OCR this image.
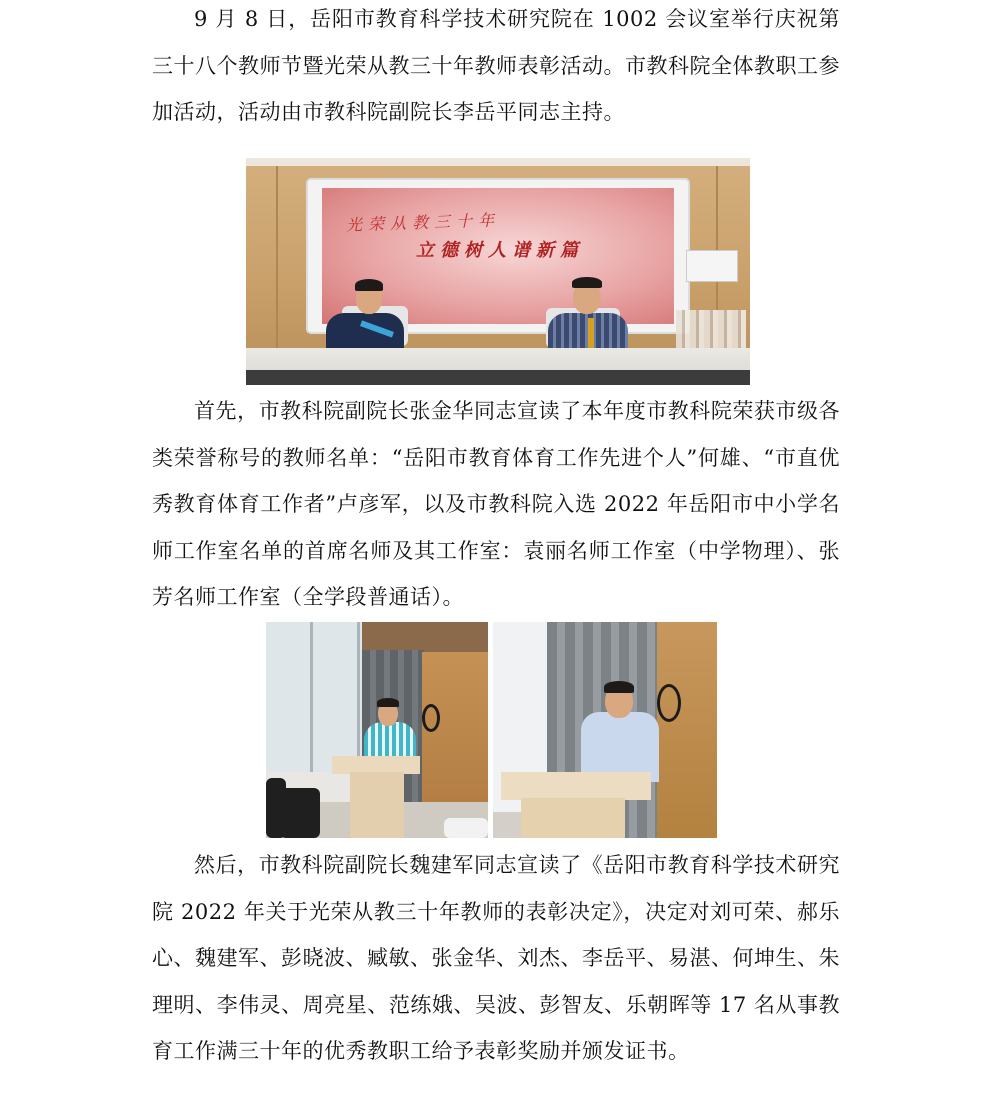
9 月 8 日，岳阳市教育科学技术研究院在 1002 会议室举行庆祝第三十八个教师节暨光荣从教三十年教师表彰活动。市教科院全体教职工参加活动，活动由市教科院副院长李岳平同志主持。

光荣从教三十年
立德树人谱新篇

首先，市教科院副院长张金华同志宣读了本年度市教科院荣获市级各类荣誉称号的教师名单：“岳阳市教育体育工作先进个人”何雄、“市直优秀教育体育工作者”卢彦军，以及市教科院入选 2022 年岳阳市中小学名师工作室名单的首席名师及其工作室：袁丽名师工作室（中学物理）、张芳名师工作室（全学段普通话）。

然后，市教科院副院长魏建军同志宣读了《岳阳市教育科学技术研究院 2022 年关于光荣从教三十年教师的表彰决定》，决定对刘可荣、郝乐心、魏建军、彭晓波、臧敏、张金华、刘杰、李岳平、易湛、何坤生、朱理明、李伟灵、周亮星、范练娥、吴波、彭智友、乐朝晖等 17 名从事教育工作满三十年的优秀教职工给予表彰奖励并颁发证书。
